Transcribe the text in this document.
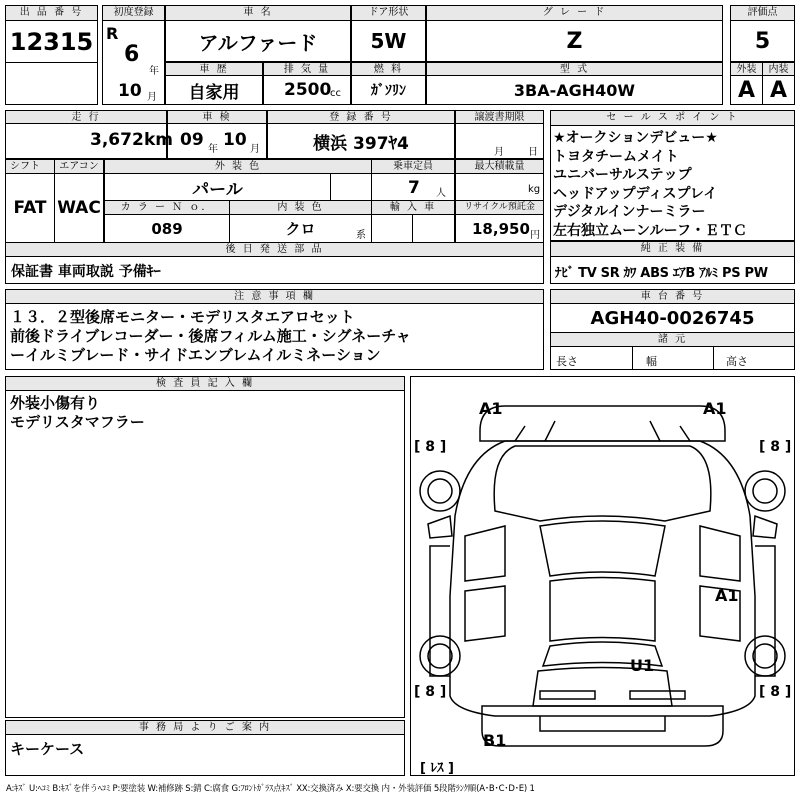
出 品 番 号
12315
初度登録
R
6
年
10 月
車 名
アルファード
ドア形状
5W
グ レ ー ド
Z
評価点
5
車 歴
自家用
排 気 量
2500
cc
燃 料
ｶﾞｿﾘﾝ
型 式
3BA-AGH40W
外装	内装
A A
走 行
3,672 km
車 検
09 年 10 月
登 録 番 号
横浜 397ﾔ4
譲渡書期限
月 日
シフト	エアコン
FAT WAC
外 装 色
パール
乗車定員
7 人
最大積載量
kg
カ ラ ー Ｎ ｏ．
089
内 装 色
クロ	系
輸 入 車	リサイクル預託金
18,950 円
後 日 発 送 部 品
保証書 車両取説 予備ｷｰ
セ ー ル ス ポ イ ン ト
★オークションデビュー★
トヨタチームメイト
ユニバーサルステップ
ヘッドアップディスプレイ
デジタルインナーミラー
左右独立ムーンルーフ・ＥＴＣ
純 正 装 備
ﾅﾋﾞ TV SR ｶﾜ ABS ｴｱB ｱﾙﾐ PS PW
注 意 事 項 欄
１３．２型後席モニター・モデリスタエアロセット
前後ドライブレコーダー・後席フィルム施工・シグネーチャ
ーイルミブレード・サイドエンブレムイルミネーション
車 台 番 号
AGH40-0026745
諸 元
長さ	幅	高さ
検 査 員 記 入 欄
外装小傷有り
モデリスタマフラー
事 務 局 よ り ご 案 内
キーケース
A1	A1
A1
U1
B1
[ 8 ]	[ 8 ]
[ 8 ]	[ 8 ]
[ ﾚｽ ]
A:ｷｽﾞ U:ﾍｺﾐ B:ｷｽﾞを伴うﾍｺﾐ P:要塗装 W:補修跡 S:錆 C:腐食 G:ﾌﾛﾝﾄｶﾞﾗｽ点ｷｽﾞ XX:交換済み X:要交換 内・外装評価 5段階ﾗﾝｸ順(A･B･C･D･E) 1
